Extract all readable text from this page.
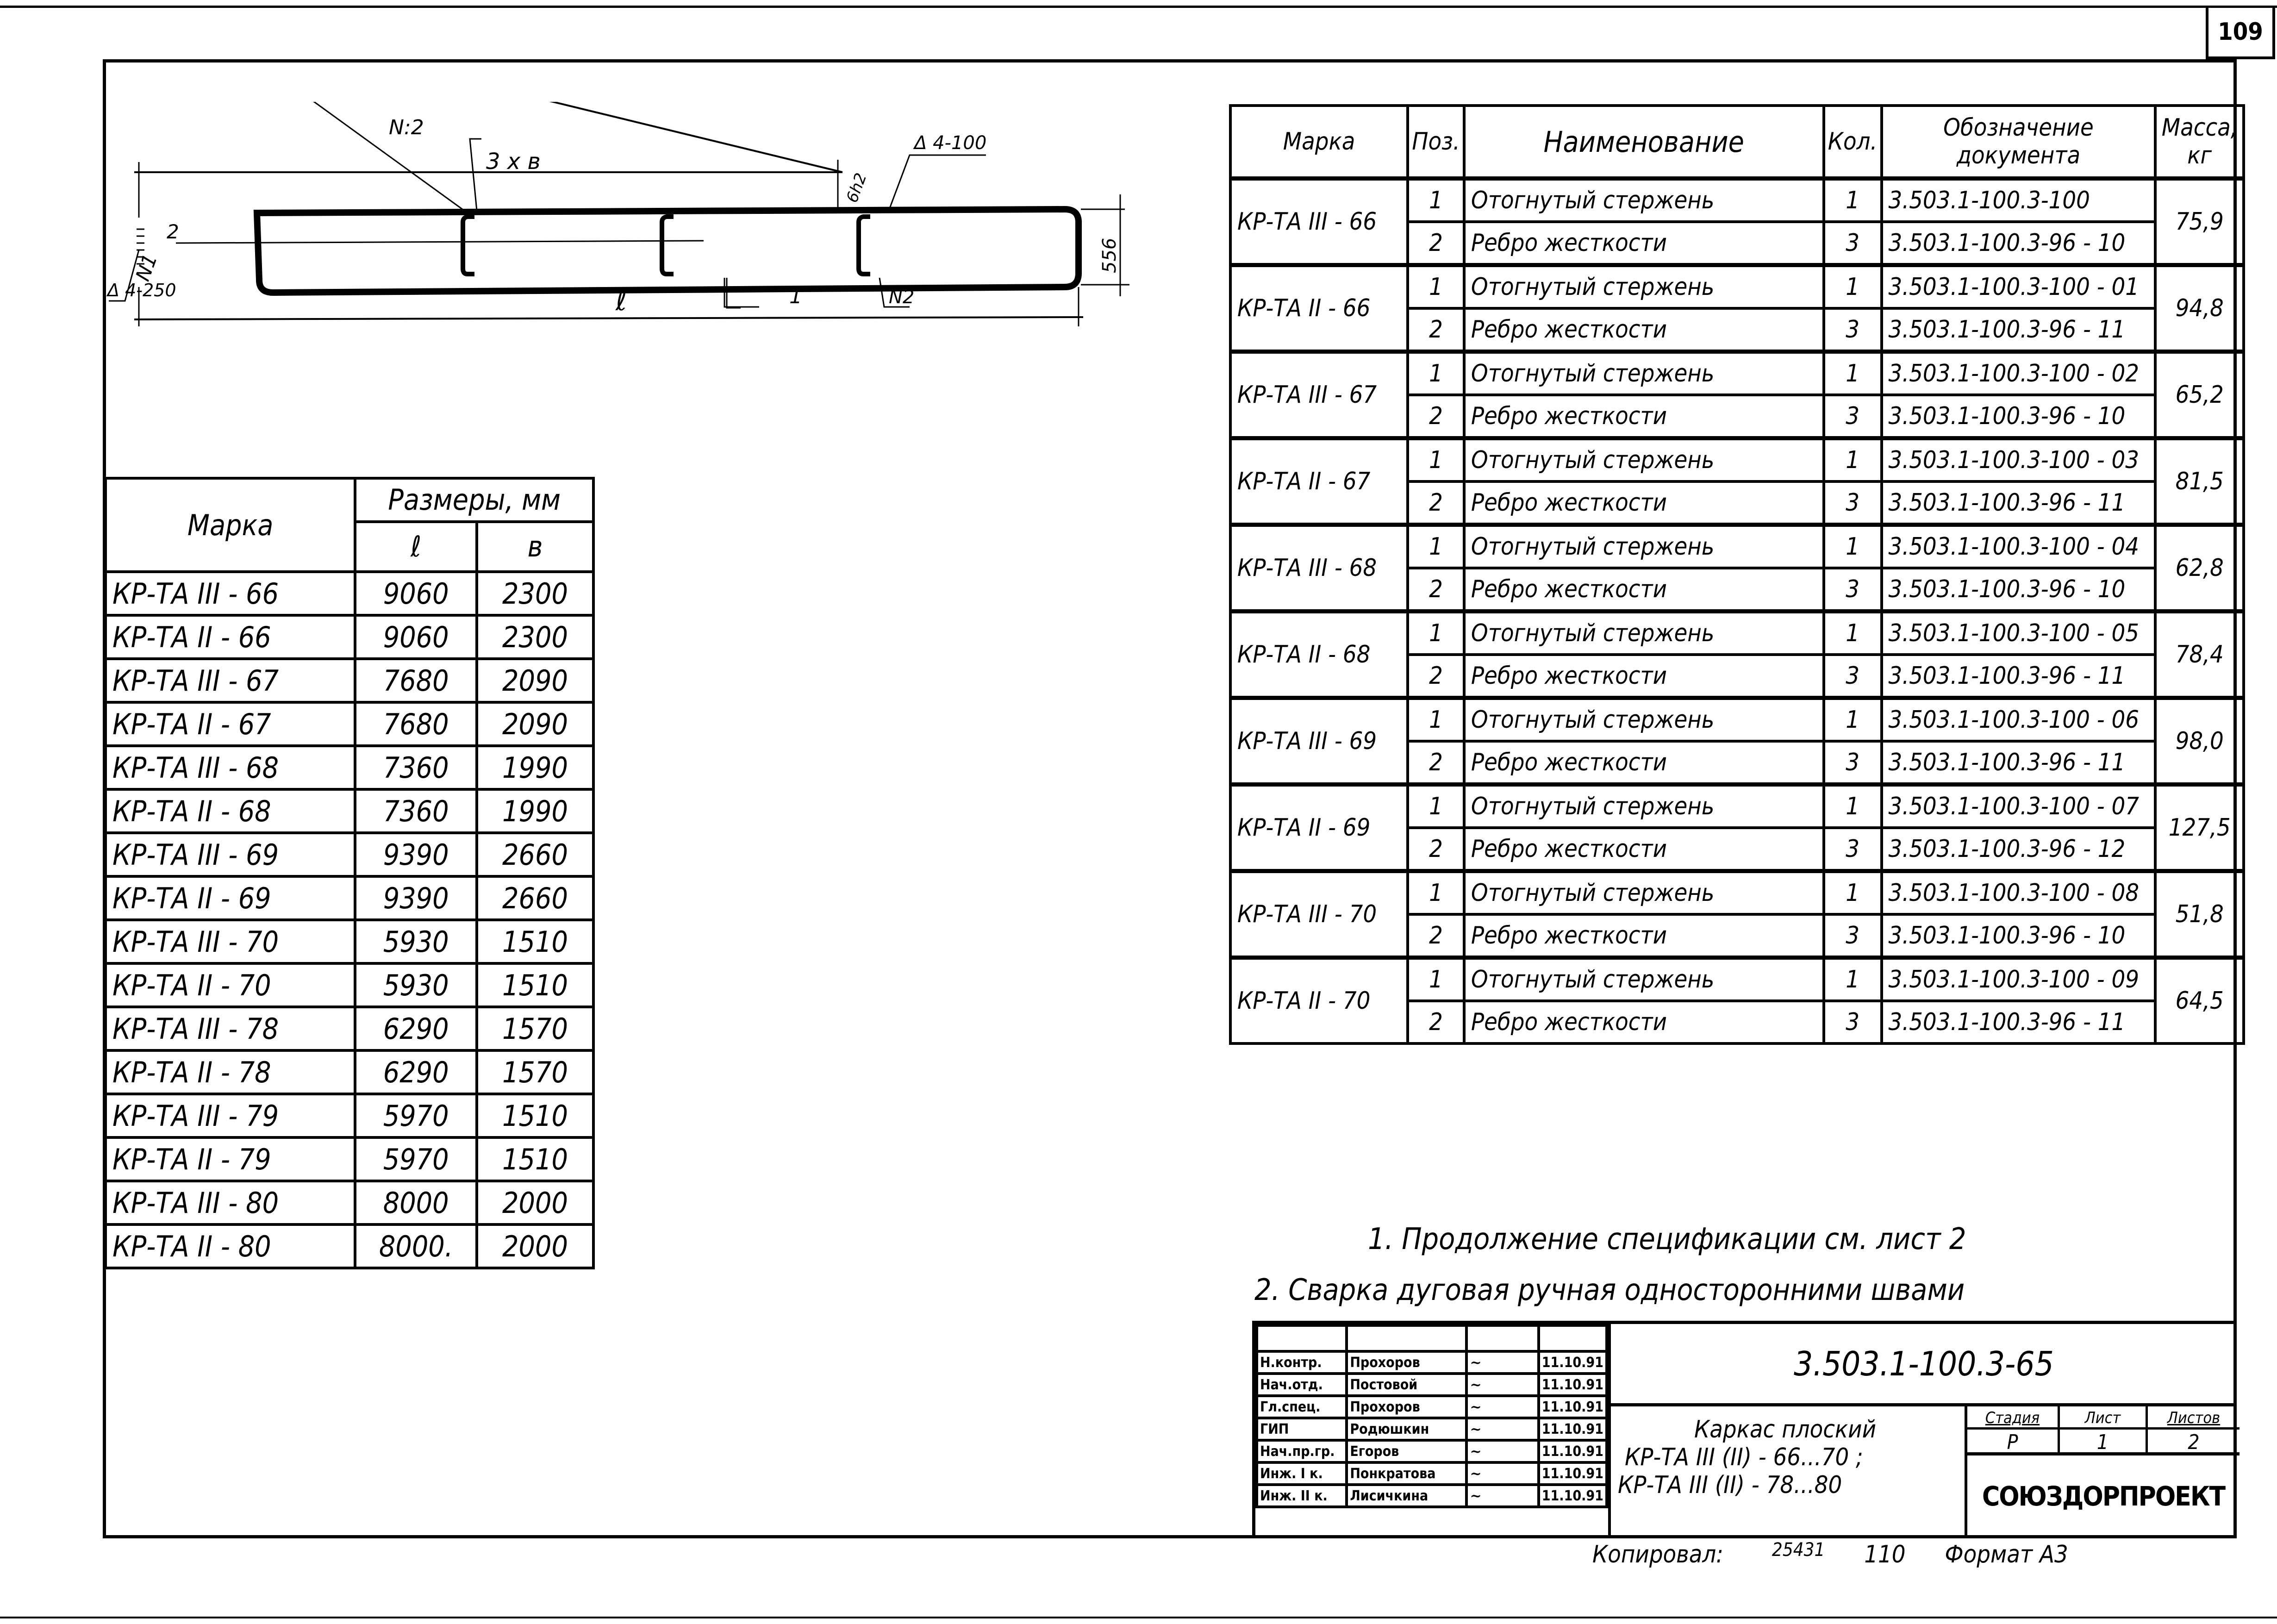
109
N:2
3 x в
6h2
Δ 4-100
2
N1
Δ 4-250	ℓ	1	N2
556
Марка	Размеры, мм	
	ℓ	в
КР-ТА III - 66	9060	2300
КР-ТА II - 66	9060	2300
КР-ТА III - 67	7680	2090
КР-ТА II - 67	7680	2090
КР-ТА III - 68	7360	1990
КР-ТА II - 68	7360	1990
КР-ТА III - 69	9390	2660
КР-ТА II - 69	9390	2660
КР-ТА III - 70	5930	1510
КР-ТА II - 70	5930	1510
КР-ТА III - 78	6290	1570
КР-ТА II - 78	6290	1570
КР-ТА III - 79	5970	1510
КР-ТА II - 79	5970	1510
КР-ТА III - 80	8000	2000
КР-ТА II - 80	8000.	2000
Марка	Поз.	Наименование	Кол.	Обозначение
документа	Масса,
кг
КР-ТА III - 66	1	Отогнутый стержень	1	3.503.1-100.3-100	75,9
	2	Ребро жесткости	3	3.503.1-100.3-96 - 10	
КР-ТА II - 66	1	Отогнутый стержень	1	3.503.1-100.3-100 - 01	94,8
	2	Ребро жесткости	3	3.503.1-100.3-96 - 11	
КР-ТА III - 67	1	Отогнутый стержень	1	3.503.1-100.3-100 - 02	65,2
	2	Ребро жесткости	3	3.503.1-100.3-96 - 10	
КР-ТА II - 67	1	Отогнутый стержень	1	3.503.1-100.3-100 - 03	81,5
	2	Ребро жесткости	3	3.503.1-100.3-96 - 11	
КР-ТА III - 68	1	Отогнутый стержень	1	3.503.1-100.3-100 - 04	62,8
	2	Ребро жесткости	3	3.503.1-100.3-96 - 10	
КР-ТА II - 68	1	Отогнутый стержень	1	3.503.1-100.3-100 - 05	78,4
	2	Ребро жесткости	3	3.503.1-100.3-96 - 11	
КР-ТА III - 69	1	Отогнутый стержень	1	3.503.1-100.3-100 - 06	98,0
	2	Ребро жесткости	3	3.503.1-100.3-96 - 11	
КР-ТА II - 69	1	Отогнутый стержень	1	3.503.1-100.3-100 - 07	127,5
	2	Ребро жесткости	3	3.503.1-100.3-96 - 12	
КР-ТА III - 70	1	Отогнутый стержень	1	3.503.1-100.3-100 - 08	51,8
	2	Ребро жесткости	3	3.503.1-100.3-96 - 10	
КР-ТА II - 70	1	Отогнутый стержень	1	3.503.1-100.3-100 - 09	64,5
	2	Ребро жесткости	3	3.503.1-100.3-96 - 11	
1. Продолжение спецификации см. лист 2
2. Сварка дуговая ручная односторонними швами

Н.контр.	Прохоров	~	11.10.91
Нач.отд.	Постовой	~	11.10.91
Гл.спец.	Прохоров	~	11.10.91
ГИП	Родюшкин	~	11.10.91
Нач.пр.гр.	Егоров	~	11.10.91
Инж. I к.	Понкратова	~	11.10.91
Инж. II к.	Лисичкина	~	11.10.91
3.503.1-100.3-65
Каркас плоский
КР-ТА III (II) - 66...70 ;
КР-ТА III (II) - 78...80
Стадия	Лист	Листов
Р	1	2
СОЮЗДОРПРОЕКТ
Копировал:	$^{25431}$ 110 Формат А3
